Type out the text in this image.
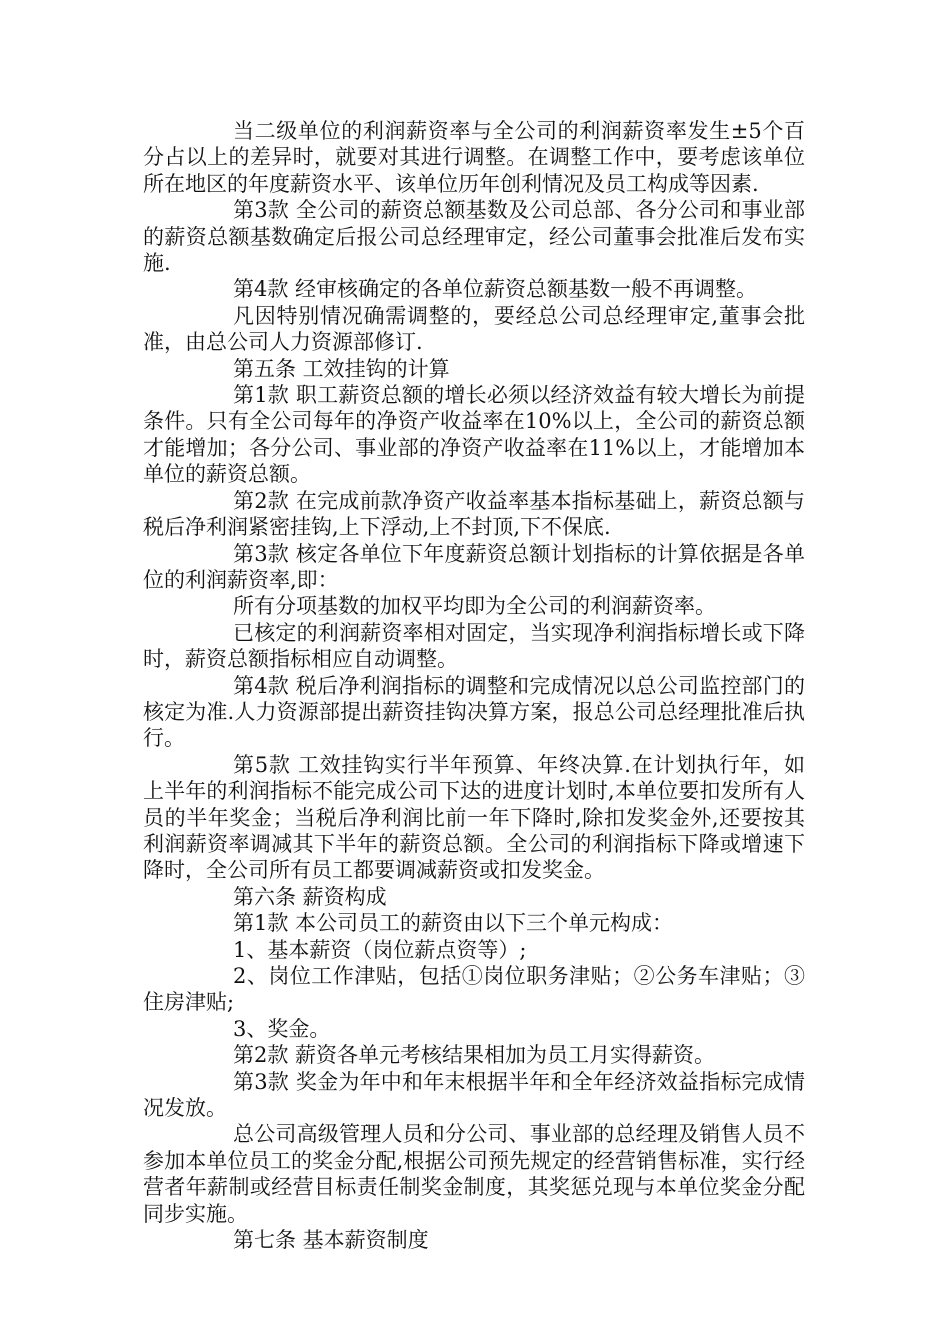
当二级单位的利润薪资率与全公司的利润薪资率发生±5个百分占以上的差异时，就要对其进行调整。在调整工作中，要考虑该单位所在地区的年度薪资水平、该单位历年创利情况及员工构成等因素.

第3款 全公司的薪资总额基数及公司总部、各分公司和事业部的薪资总额基数确定后报公司总经理审定，经公司董事会批准后发布实施.

第4款 经审核确定的各单位薪资总额基数一般不再调整。

凡因特别情况确需调整的，要经总公司总经理审定,董事会批准，由总公司人力资源部修订.

第五条 工效挂钩的计算

第1款 职工薪资总额的增长必须以经济效益有较大增长为前提条件。只有全公司每年的净资产收益率在10%以上，全公司的薪资总额才能增加；各分公司、事业部的净资产收益率在11%以上，才能增加本单位的薪资总额。

第2款 在完成前款净资产收益率基本指标基础上，薪资总额与税后净利润紧密挂钩,上下浮动,上不封顶,下不保底.

第3款 核定各单位下年度薪资总额计划指标的计算依据是各单位的利润薪资率,即：

所有分项基数的加权平均即为全公司的利润薪资率。

已核定的利润薪资率相对固定，当实现净利润指标增长或下降时，薪资总额指标相应自动调整。

第4款 税后净利润指标的调整和完成情况以总公司监控部门的核定为准.人力资源部提出薪资挂钩决算方案，报总公司总经理批准后执行。

第5款 工效挂钩实行半年预算、年终决算.在计划执行年，如上半年的利润指标不能完成公司下达的进度计划时,本单位要扣发所有人员的半年奖金；当税后净利润比前一年下降时,除扣发奖金外,还要按其利润薪资率调减其下半年的薪资总额。全公司的利润指标下降或增速下降时，全公司所有员工都要调减薪资或扣发奖金。

第六条 薪资构成

第1款 本公司员工的薪资由以下三个单元构成：

1、基本薪资（岗位薪点资等）;

2、岗位工作津贴，包括①岗位职务津贴；②公务车津贴；③住房津贴;

3、奖金。

第2款 薪资各单元考核结果相加为员工月实得薪资。

第3款 奖金为年中和年末根据半年和全年经济效益指标完成情况发放。

总公司高级管理人员和分公司、事业部的总经理及销售人员不参加本单位员工的奖金分配,根据公司预先规定的经营销售标准，实行经营者年薪制或经营目标责任制奖金制度，其奖惩兑现与本单位奖金分配同步实施。

第七条 基本薪资制度
